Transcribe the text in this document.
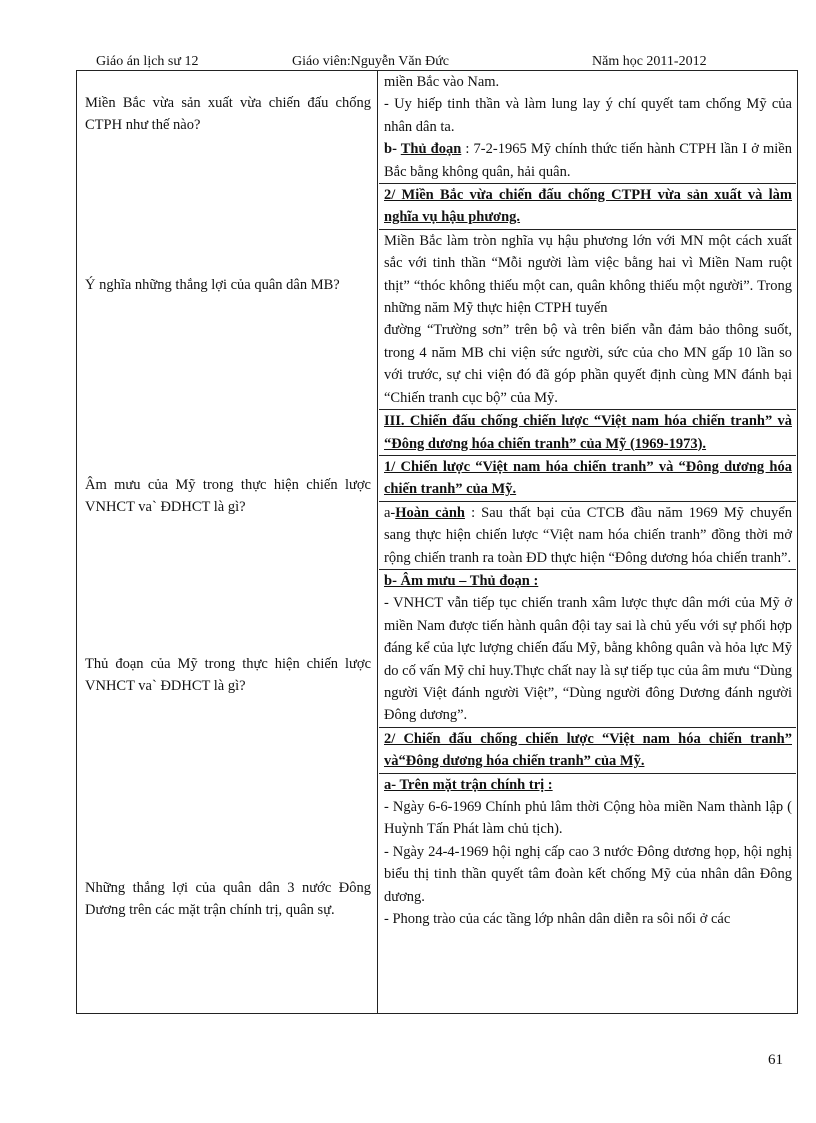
Giáo án lịch sư 12	Giáo viên:Nguyễn Văn Đức	Năm học 2011-2012
Miền Bắc vừa sản xuất vừa chiến đấu chống CTPH như thế nào?
Ý nghĩa những thắng lợi của quân dân MB?
Âm mưu của Mỹ trong thực hiện chiến lược VNHCT va` ĐDHCT là gì?
Thủ đoạn của Mỹ trong thực hiện chiến lược VNHCT va` ĐDHCT là gì?
Những thắng lợi của quân dân 3 nước Đông Dương trên các mặt trận chính trị, quân sự.

miền Bắc vào Nam.

- Uy hiếp tinh thần và làm lung lay ý chí quyết tam chống Mỹ của nhân dân ta.

b- Thủ đoạn : 7-2-1965 Mỹ chính thức tiến hành CTPH lần I ở miền Bắc bằng không quân, hải quân.

2/ Miền Bắc vừa chiến đấu chống CTPH vừa sản xuất và làm nghĩa vụ hậu phương.

Miền Bắc làm tròn nghĩa vụ hậu phương lớn với MN một cách xuất sắc với tinh thần “Mỗi người làm việc bằng hai vì Miền Nam ruột thịt” “thóc không thiếu một can, quân không thiếu một người”. Trong những năm Mỹ thực hiện CTPH tuyến

đường “Trường sơn” trên bộ và trên biển vẫn đảm bảo thông suốt, trong 4 năm MB chi viện sức người, sức của cho MN gấp 10 lần so với trước, sự chi viện đó đã góp phần quyết định cùng MN đánh bại “Chiến tranh cục bộ” của Mỹ.

III. Chiến đấu chống chiến lược “Việt nam hóa chiến tranh” và “Đông dương hóa chiến tranh” của Mỹ (1969-1973).

1/ Chiến lược “Việt nam hóa chiến tranh” và “Đông dương hóa chiến tranh” của Mỹ.

a-Hoàn cảnh : Sau thất bại của CTCB đầu năm 1969 Mỹ chuyển sang thực hiện chiến lược “Việt nam hóa chiến tranh” đồng thời mở rộng chiến tranh ra toàn ĐD thực hiện “Đông dương hóa chiến tranh”.

b- Âm mưu – Thủ đoạn :

- VNHCT vẫn tiếp tục chiến tranh xâm lược thực dân mới của Mỹ ở miền Nam được tiến hành quân đội tay sai là chủ yếu với sự phối hợp đáng kể của lực lượng chiến đấu Mỹ, bằng không quân và hỏa lực Mỹ do cố vấn Mỹ chỉ huy.Thực chất nay là sự tiếp tục của âm mưu “Dùng người Việt đánh người Việt”, “Dùng người đông Dương đánh người Đông dương”.

2/ Chiến đấu chống chiến lược “Việt nam hóa chiến tranh” và“Đông dương hóa chiến tranh” của Mỹ.

a- Trên mặt trận chính trị :

- Ngày 6-6-1969 Chính phủ lâm thời Cộng hòa miền Nam thành lập ( Huỳnh Tấn Phát làm chủ tịch).

- Ngày 24-4-1969 hội nghị cấp cao 3 nước Đông dương họp, hội nghị biểu thị tinh thần quyết tâm đoàn kết chống Mỹ của nhân dân Đông dương.

- Phong trào của các tầng lớp nhân dân diễn ra sôi nổi ở các

61
